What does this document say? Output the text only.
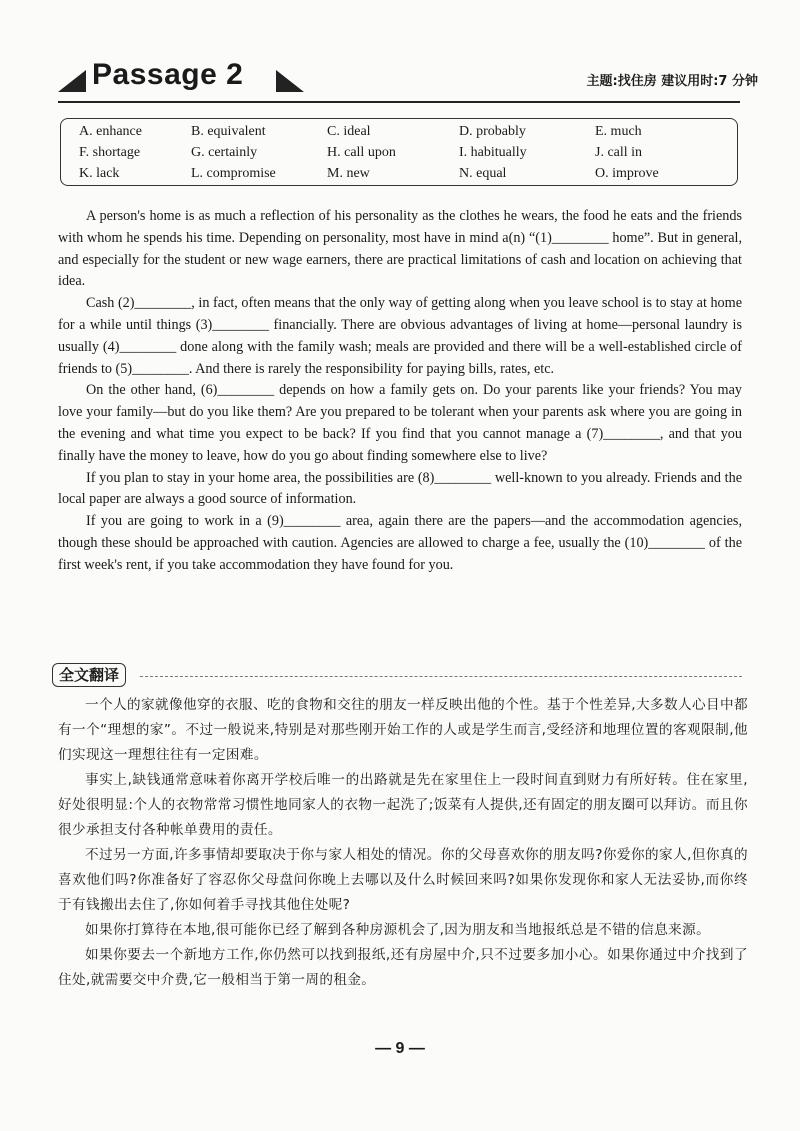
Passage 2	主题:找住房 建议用时:7 分钟
A. enhance	B. equivalent	C. ideal	D. probably	E. much
F. shortage	G. certainly	H. call upon	I. habitually	J. call in
K. lack	L. compromise	M. new	N. equal	O. improve

A person's home is as much a reflection of his personality as the clothes he wears, the food he eats and the friends with whom he spends his time. Depending on personality, most have in mind a(n) “(1)________ home”. But in general, and especially for the student or new wage earners, there are practical limitations of cash and location on achieving that idea.

Cash (2)________, in fact, often means that the only way of getting along when you leave school is to stay at home for a while until things (3)________ financially. There are obvious advantages of living at home—personal laundry is usually (4)________ done along with the family wash; meals are provided and there will be a well-established circle of friends to (5)________. And there is rarely the responsibility for paying bills, rates, etc.

On the other hand, (6)________ depends on how a family gets on. Do your parents like your friends? You may love your family—but do you like them? Are you prepared to be tolerant when your parents ask where you are going in the evening and what time you expect to be back? If you find that you cannot manage a (7)________, and that you finally have the money to leave, how do you go about finding somewhere else to live?

If you plan to stay in your home area, the possibilities are (8)________ well-known to you already. Friends and the local paper are always a good source of information.

If you are going to work in a (9)________ area, again there are the papers—and the accommodation agencies, though these should be approached with caution. Agencies are allowed to charge a fee, usually the (10)________ of the first week's rent, if you take accommodation they have found for you.

全文翻译

一个人的家就像他穿的衣服、吃的食物和交往的朋友一样反映出他的个性。基于个性差异,大多数人心目中都有一个“理想的家”。不过一般说来,特别是对那些刚开始工作的人或是学生而言,受经济和地理位置的客观限制,他们实现这一理想往往有一定困难。

事实上,缺钱通常意味着你离开学校后唯一的出路就是先在家里住上一段时间直到财力有所好转。住在家里,好处很明显:个人的衣物常常习惯性地同家人的衣物一起洗了;饭菜有人提供,还有固定的朋友圈可以拜访。而且你很少承担支付各种帐单费用的责任。

不过另一方面,许多事情却要取决于你与家人相处的情况。你的父母喜欢你的朋友吗?你爱你的家人,但你真的喜欢他们吗?你准备好了容忍你父母盘问你晚上去哪以及什么时候回来吗?如果你发现你和家人无法妥协,而你终于有钱搬出去住了,你如何着手寻找其他住处呢?

如果你打算待在本地,很可能你已经了解到各种房源机会了,因为朋友和当地报纸总是不错的信息来源。

如果你要去一个新地方工作,你仍然可以找到报纸,还有房屋中介,只不过要多加小心。如果你通过中介找到了住处,就需要交中介费,它一般相当于第一周的租金。

— 9 —
